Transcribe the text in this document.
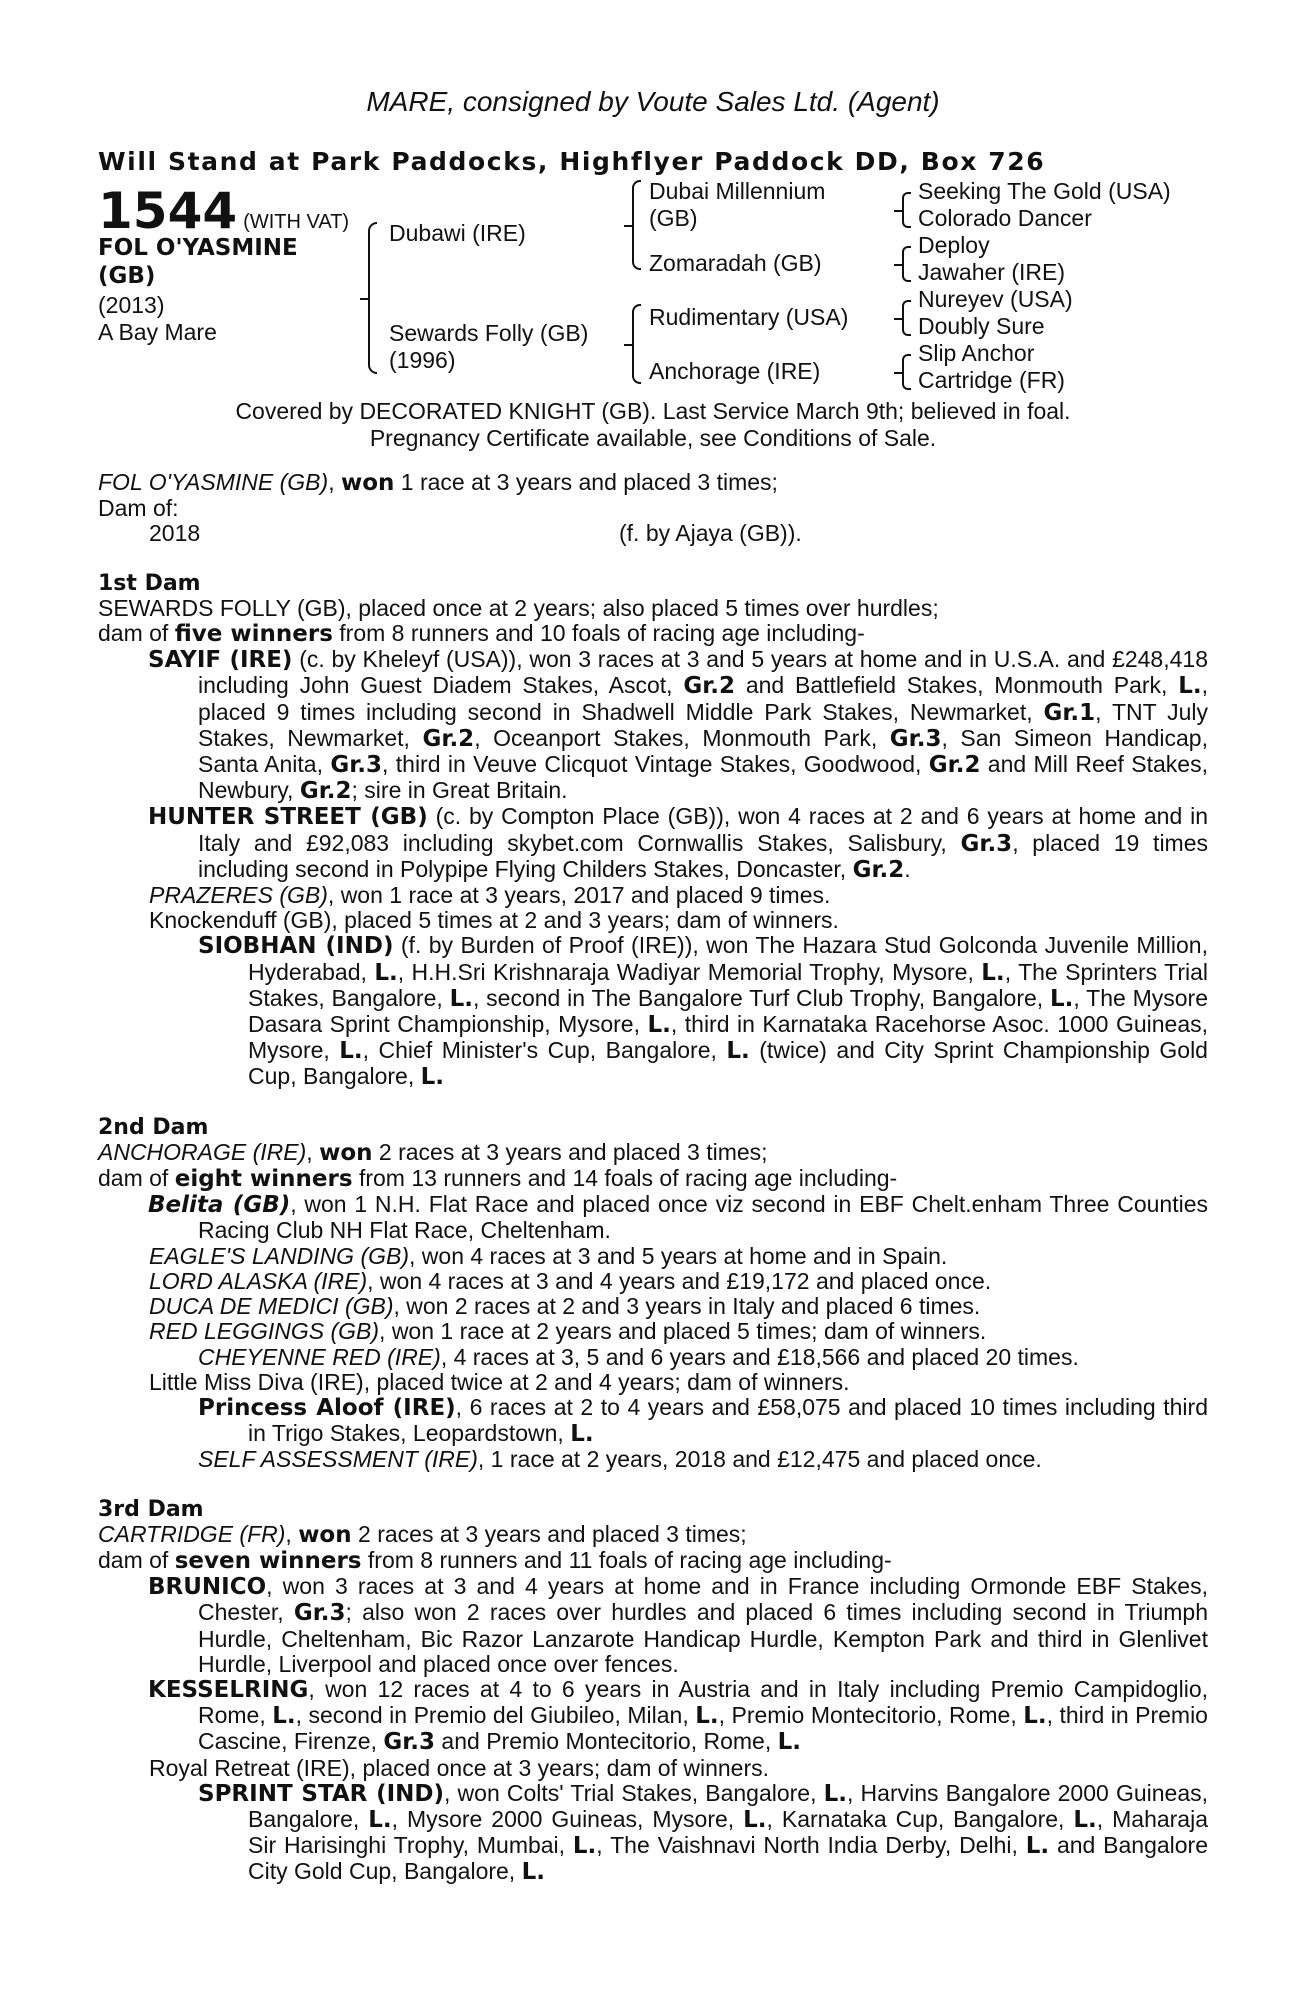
MARE, consigned by Voute Sales Ltd. (Agent)
Will Stand at Park Paddocks, Highflyer Paddock DD, Box 726
1544 (WITH VAT)
FOL O'YASMINE (GB)
(2013)
A Bay Mare
Dubawi (IRE)
Sewards Folly (GB)
(1996)
Dubai Millennium
(GB)
Zomaradah (GB)
Rudimentary (USA)
Anchorage (IRE)
Seeking The Gold (USA)
Colorado Dancer
Deploy
Jawaher (IRE)
Nureyev (USA)
Doubly Sure
Slip Anchor
Cartridge (FR)
Covered by DECORATED KNIGHT (GB). Last Service March 9th; believed in foal.
Pregnancy Certificate available, see Conditions of Sale.

FOL O'YASMINE (GB), won 1 race at 3 years and placed 3 times;

Dam of:

2018	(f. by Ajaya (GB)).

1st Dam

SEWARDS FOLLY (GB), placed once at 2 years; also placed 5 times over hurdles;

dam of five winners from 8 runners and 10 foals of racing age including-

SAYIF (IRE) (c. by Kheleyf (USA)), won 3 races at 3 and 5 years at home and in U.S.A. and £248,418 including John Guest Diadem Stakes, Ascot, Gr.2 and Battlefield Stakes, Monmouth Park, L., placed 9 times including second in Shadwell Middle Park Stakes, Newmarket, Gr.1, TNT July Stakes, Newmarket, Gr.2, Oceanport Stakes, Monmouth Park, Gr.3, San Simeon Handicap, Santa Anita, Gr.3, third in Veuve Clicquot Vintage Stakes, Goodwood, Gr.2 and Mill Reef Stakes, Newbury, Gr.2; sire in Great Britain.

HUNTER STREET (GB) (c. by Compton Place (GB)), won 4 races at 2 and 6 years at home and in Italy and £92,083 including skybet.com Cornwallis Stakes, Salisbury, Gr.3, placed 19 times including second in Polypipe Flying Childers Stakes, Doncaster, Gr.2.

PRAZERES (GB), won 1 race at 3 years, 2017 and placed 9 times.

Knockenduff (GB), placed 5 times at 2 and 3 years; dam of winners.

SIOBHAN (IND) (f. by Burden of Proof (IRE)), won The Hazara Stud Golconda Juvenile Million, Hyderabad, L., H.H.Sri Krishnaraja Wadiyar Memorial Trophy, Mysore, L., The Sprinters Trial Stakes, Bangalore, L., second in The Bangalore Turf Club Trophy, Bangalore, L., The Mysore Dasara Sprint Championship, Mysore, L., third in Karnataka Racehorse Asoc. 1000 Guineas, Mysore, L., Chief Minister's Cup, Bangalore, L. (twice) and City Sprint Championship Gold Cup, Bangalore, L.

2nd Dam

ANCHORAGE (IRE), won 2 races at 3 years and placed 3 times;

dam of eight winners from 13 runners and 14 foals of racing age including-

Belita (GB), won 1 N.H. Flat Race and placed once viz second in EBF Chelt.enham Three Counties Racing Club NH Flat Race, Cheltenham.

EAGLE'S LANDING (GB), won 4 races at 3 and 5 years at home and in Spain.

LORD ALASKA (IRE), won 4 races at 3 and 4 years and £19,172 and placed once.

DUCA DE MEDICI (GB), won 2 races at 2 and 3 years in Italy and placed 6 times.

RED LEGGINGS (GB), won 1 race at 2 years and placed 5 times; dam of winners.

CHEYENNE RED (IRE), 4 races at 3, 5 and 6 years and £18,566 and placed 20 times.

Little Miss Diva (IRE), placed twice at 2 and 4 years; dam of winners.

Princess Aloof (IRE), 6 races at 2 to 4 years and £58,075 and placed 10 times including third in Trigo Stakes, Leopardstown, L.

SELF ASSESSMENT (IRE), 1 race at 2 years, 2018 and £12,475 and placed once.

3rd Dam

CARTRIDGE (FR), won 2 races at 3 years and placed 3 times;

dam of seven winners from 8 runners and 11 foals of racing age including-

BRUNICO, won 3 races at 3 and 4 years at home and in France including Ormonde EBF Stakes, Chester, Gr.3; also won 2 races over hurdles and placed 6 times including second in Triumph Hurdle, Cheltenham, Bic Razor Lanzarote Handicap Hurdle, Kempton Park and third in Glenlivet Hurdle, Liverpool and placed once over fences.

KESSELRING, won 12 races at 4 to 6 years in Austria and in Italy including Premio Campidoglio, Rome, L., second in Premio del Giubileo, Milan, L., Premio Montecitorio, Rome, L., third in Premio Cascine, Firenze, Gr.3 and Premio Montecitorio, Rome, L.

Royal Retreat (IRE), placed once at 3 years; dam of winners.

SPRINT STAR (IND), won Colts' Trial Stakes, Bangalore, L., Harvins Bangalore 2000 Guineas, Bangalore, L., Mysore 2000 Guineas, Mysore, L., Karnataka Cup, Bangalore, L., Maharaja Sir Harisinghi Trophy, Mumbai, L., The Vaishnavi North India Derby, Delhi, L. and Bangalore City Gold Cup, Bangalore, L.
